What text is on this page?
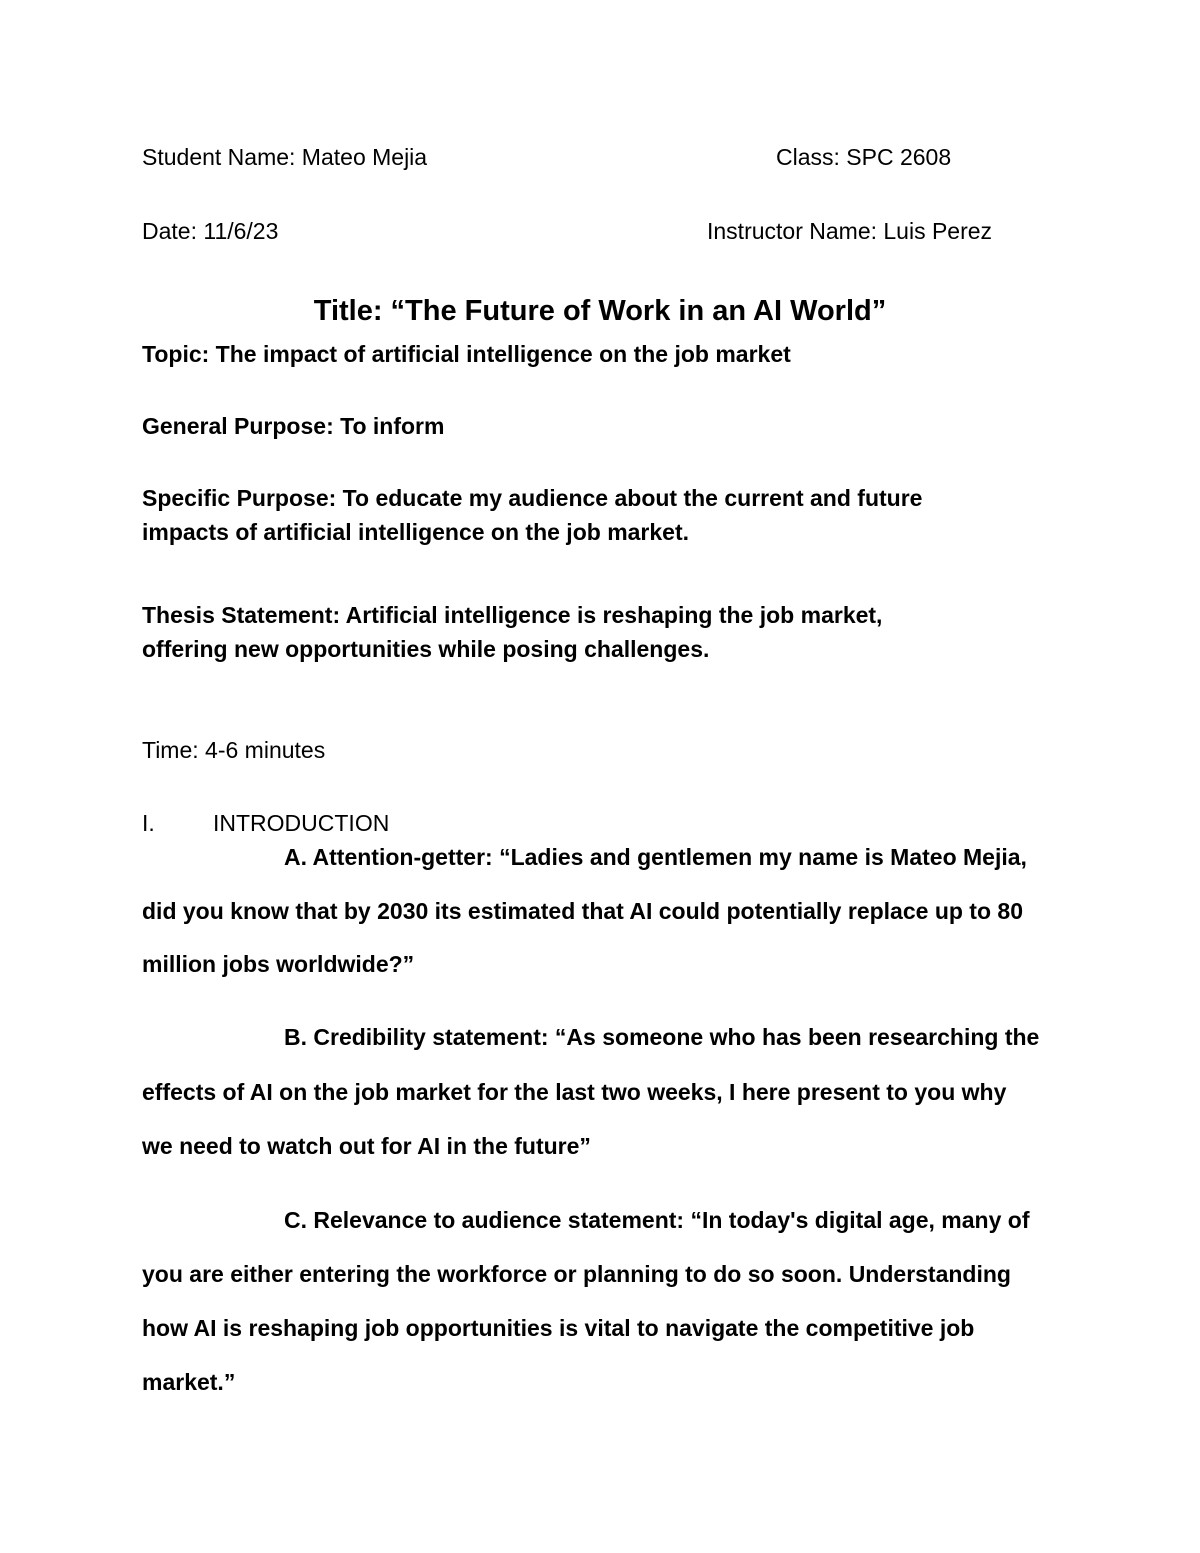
Student Name: Mateo Mejia	Class: SPC 2608
Date: 11/6/23	Instructor Name: Luis Perez
Title: “The Future of Work in an AI World”
Topic: The impact of artificial intelligence on the job market
General Purpose: To inform
Specific Purpose: To educate my audience about the current and future
impacts of artificial intelligence on the job market.
Thesis Statement: Artificial intelligence is reshaping the job market,
offering new opportunities while posing challenges.
Time: 4-6 minutes
I.	INTRODUCTION
A. Attention-getter: “Ladies and gentlemen my name is Mateo Mejia,
did you know that by 2030 its estimated that AI could potentially replace up to 80
million jobs worldwide?”
B. Credibility statement: “As someone who has been researching the
effects of AI on the job market for the last two weeks, I here present to you why
we need to watch out for AI in the future”
C. Relevance to audience statement: “In today's digital age, many of
you are either entering the workforce or planning to do so soon. Understanding
how AI is reshaping job opportunities is vital to navigate the competitive job
market.”
